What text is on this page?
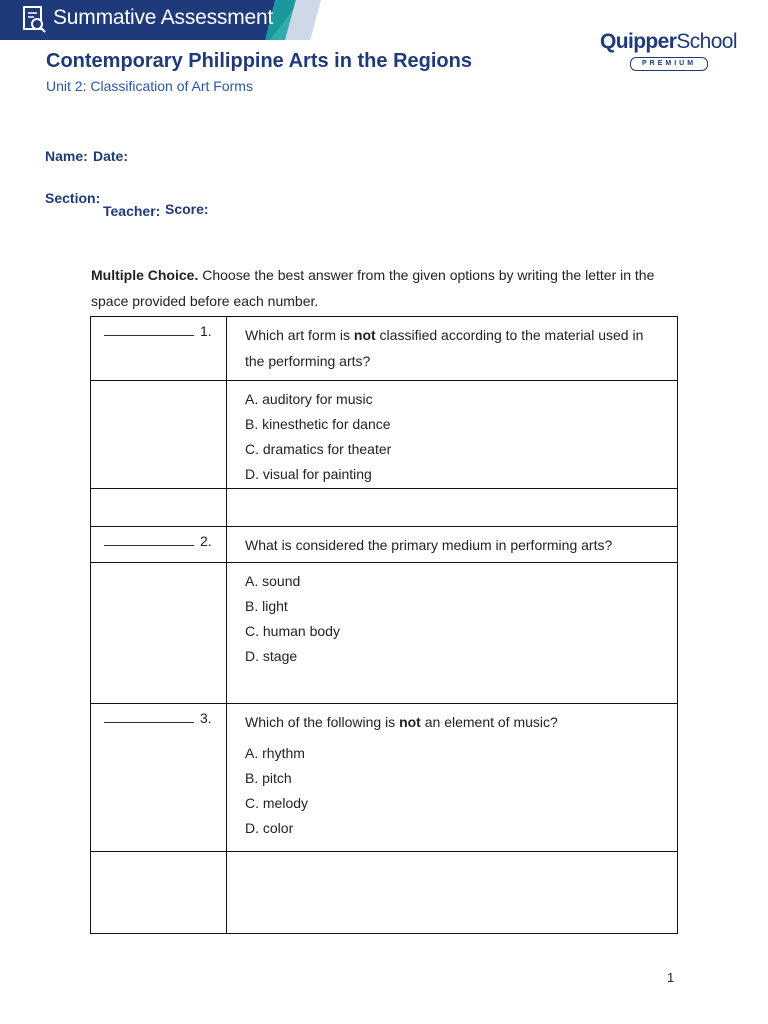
Summative Assessment
QuipperSchool
PREMIUM
Contemporary Philippine Arts in the Regions
Unit 2: Classification of Art Forms
Name: Date:
Section:
Teacher: Score:
Multiple Choice. Choose the best answer from the given options by writing the letter in the space provided before each number.
1.	Which art form is not classified according to the material used in the performing arts?

	A. auditory for music
B. kinesthetic for dance
C. dramatics for theater
D. visual for painting

2.	What is considered the primary medium in performing arts?

	A. sound
B. light
C. human body
D. stage

3.	Which of the following is not an element of music?
A. rhythm
B. pitch
C. melody
D. color

1
